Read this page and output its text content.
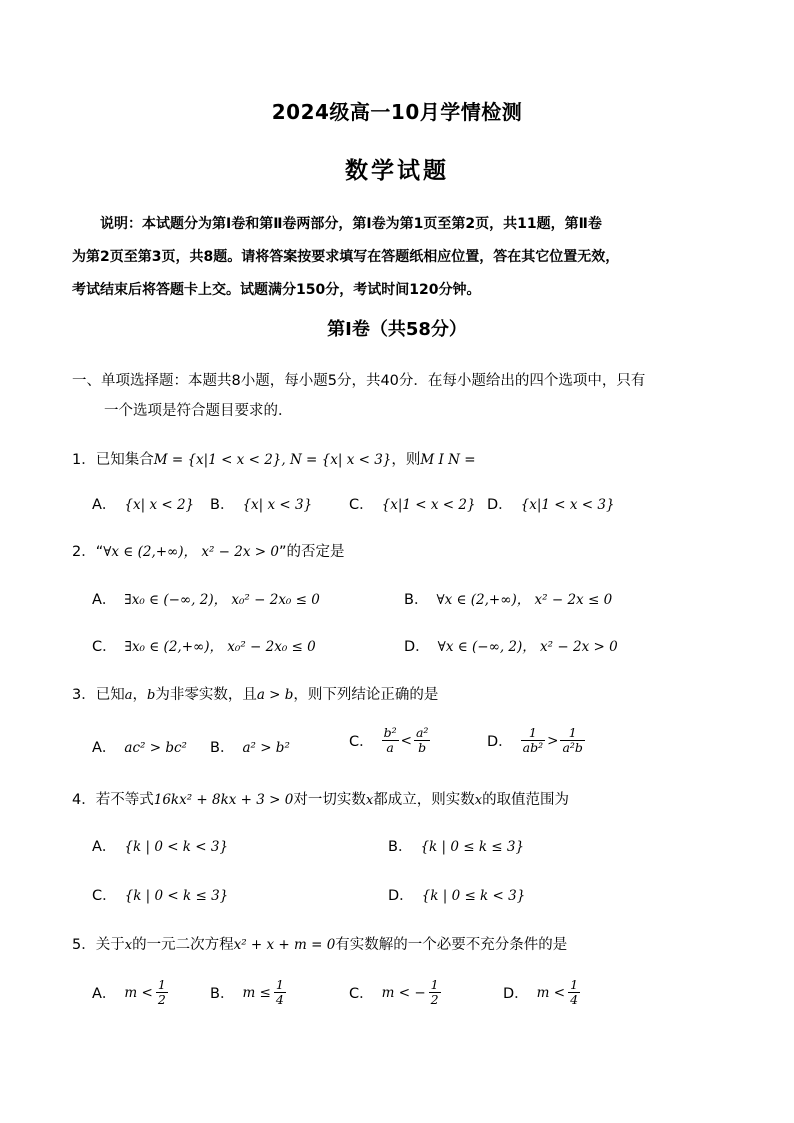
2024级高一10月学情检测
数学试题
说明：本试题分为第Ⅰ卷和第Ⅱ卷两部分，第Ⅰ卷为第1页至第2页，共11题，第Ⅱ卷
为第2页至第3页，共8题。请将答案按要求填写在答题纸相应位置，答在其它位置无效，
考试结束后将答题卡上交。试题满分150分，考试时间120分钟。
第Ⅰ卷（共58分）
一、单项选择题：本题共8小题，每小题5分，共40分．在每小题给出的四个选项中，只有
一个选项是符合题目要求的．
1．已知集合M = {x|1 < x < 2}, N = {x| x < 3}，则M I N =
A． {x| x < 2} B． {x| x < 3}	C． {x|1 < x < 2} D． {x|1 < x < 3}
2．“∀x ∈ (2,+∞)， x² − 2x > 0”的否定是
A． ∃x₀ ∈ (−∞, 2)， x₀² − 2x₀ ≤ 0	B． ∀x ∈ (2,+∞)， x² − 2x ≤ 0
C． ∃x₀ ∈ (2,+∞)， x₀² − 2x₀ ≤ 0	D． ∀x ∈ (−∞, 2)， x² − 2x > 0
3．已知a，b为非零实数，且a > b，则下列结论正确的是
A． ac² > bc² B． a² > b²	C． $\frac{\text{b²}}{a} < \frac{\text{a²}}{b}$	D． $\frac{1}{\text{ab²}} > \frac{1}{\text{a²b}}$
4．若不等式16kx² + 8kx + 3 > 0对一切实数x都成立，则实数x的取值范围为
A． {k | 0 < k < 3}	B． {k | 0 ≤ k ≤ 3}
C． {k | 0 < k ≤ 3}	D． {k | 0 ≤ k < 3}
5．关于x的一元二次方程x² + x + m = 0有实数解的一个必要不充分条件的是
A． $m < \frac{1}{2}$	B． $m \le \frac{1}{4}$	C． m < − $\frac{1}{2}$	D． $m < \frac{1}{4}$
